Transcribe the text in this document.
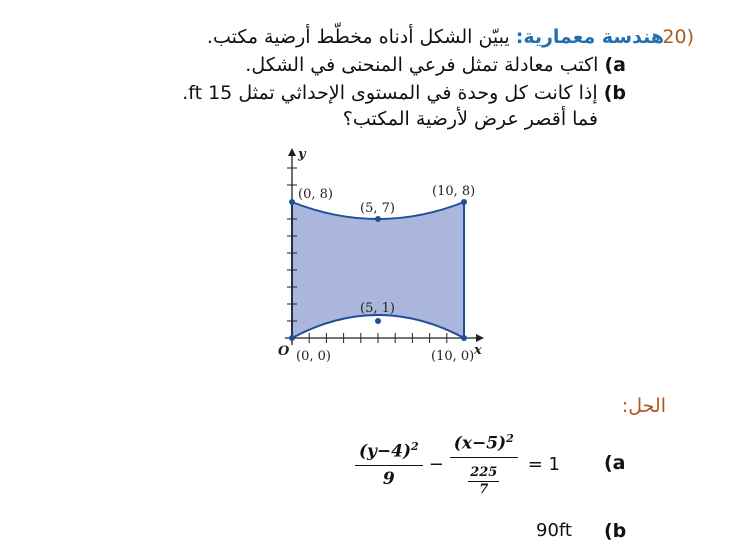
20)
هندسة معمارية: يبيّن الشكل أدناه مخطّط أرضية مكتب.
a) اكتب معادلة تمثل فرعي المنحنى في الشكل.
b) إذا كانت كل وحدة في المستوى الإحداثي تمثل 15 ft.
فما أقصر عرض لأرضية المكتب؟
(0, 8)
(5, 7)
(10, 8)
(5, 1)
(0, 0)	(10, 0)
O	x
y
الحل:
(a
$\frac{(y-4)^2}{9} - \frac{(x-5)^2}{\frac{225}{7}} = 1$
(b
90ft
